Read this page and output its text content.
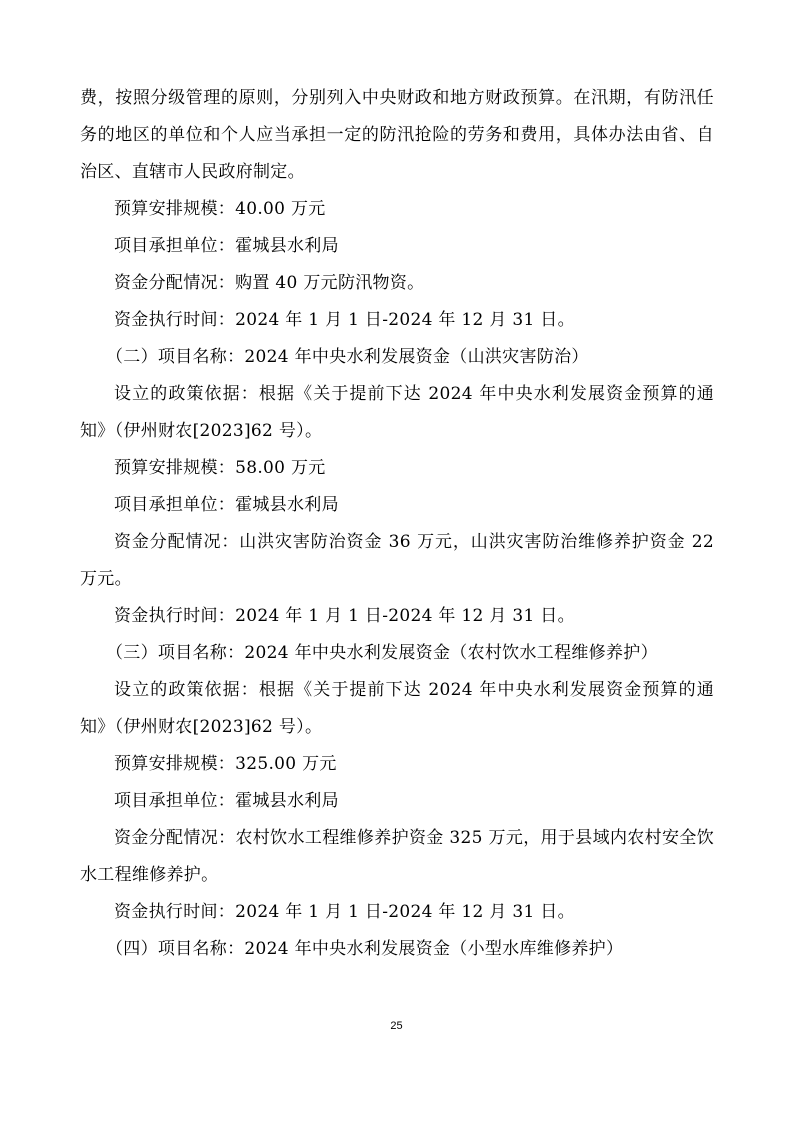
费，按照分级管理的原则，分别列入中央财政和地方财政预算。在汛期，有防汛任务的地区的单位和个人应当承担一定的防汛抢险的劳务和费用，具体办法由省、自治区、直辖市人民政府制定。

预算安排规模：40.00 万元

项目承担单位：霍城县水利局

资金分配情况：购置 40 万元防汛物资。

资金执行时间：2024 年 1 月 1 日-2024 年 12 月 31 日。

（二）项目名称：2024 年中央水利发展资金（山洪灾害防治）

设立的政策依据：根据《关于提前下达 2024 年中央水利发展资金预算的通知》（伊州财农[2023]62 号）。

预算安排规模：58.00 万元

项目承担单位：霍城县水利局

资金分配情况：山洪灾害防治资金 36 万元，山洪灾害防治维修养护资金 22 万元。

资金执行时间：2024 年 1 月 1 日-2024 年 12 月 31 日。

（三）项目名称：2024 年中央水利发展资金（农村饮水工程维修养护）

设立的政策依据：根据《关于提前下达 2024 年中央水利发展资金预算的通知》（伊州财农[2023]62 号）。

预算安排规模：325.00 万元

项目承担单位：霍城县水利局

资金分配情况：农村饮水工程维修养护资金 325 万元，用于县域内农村安全饮水工程维修养护。

资金执行时间：2024 年 1 月 1 日-2024 年 12 月 31 日。

（四）项目名称：2024 年中央水利发展资金（小型水库维修养护）

25
